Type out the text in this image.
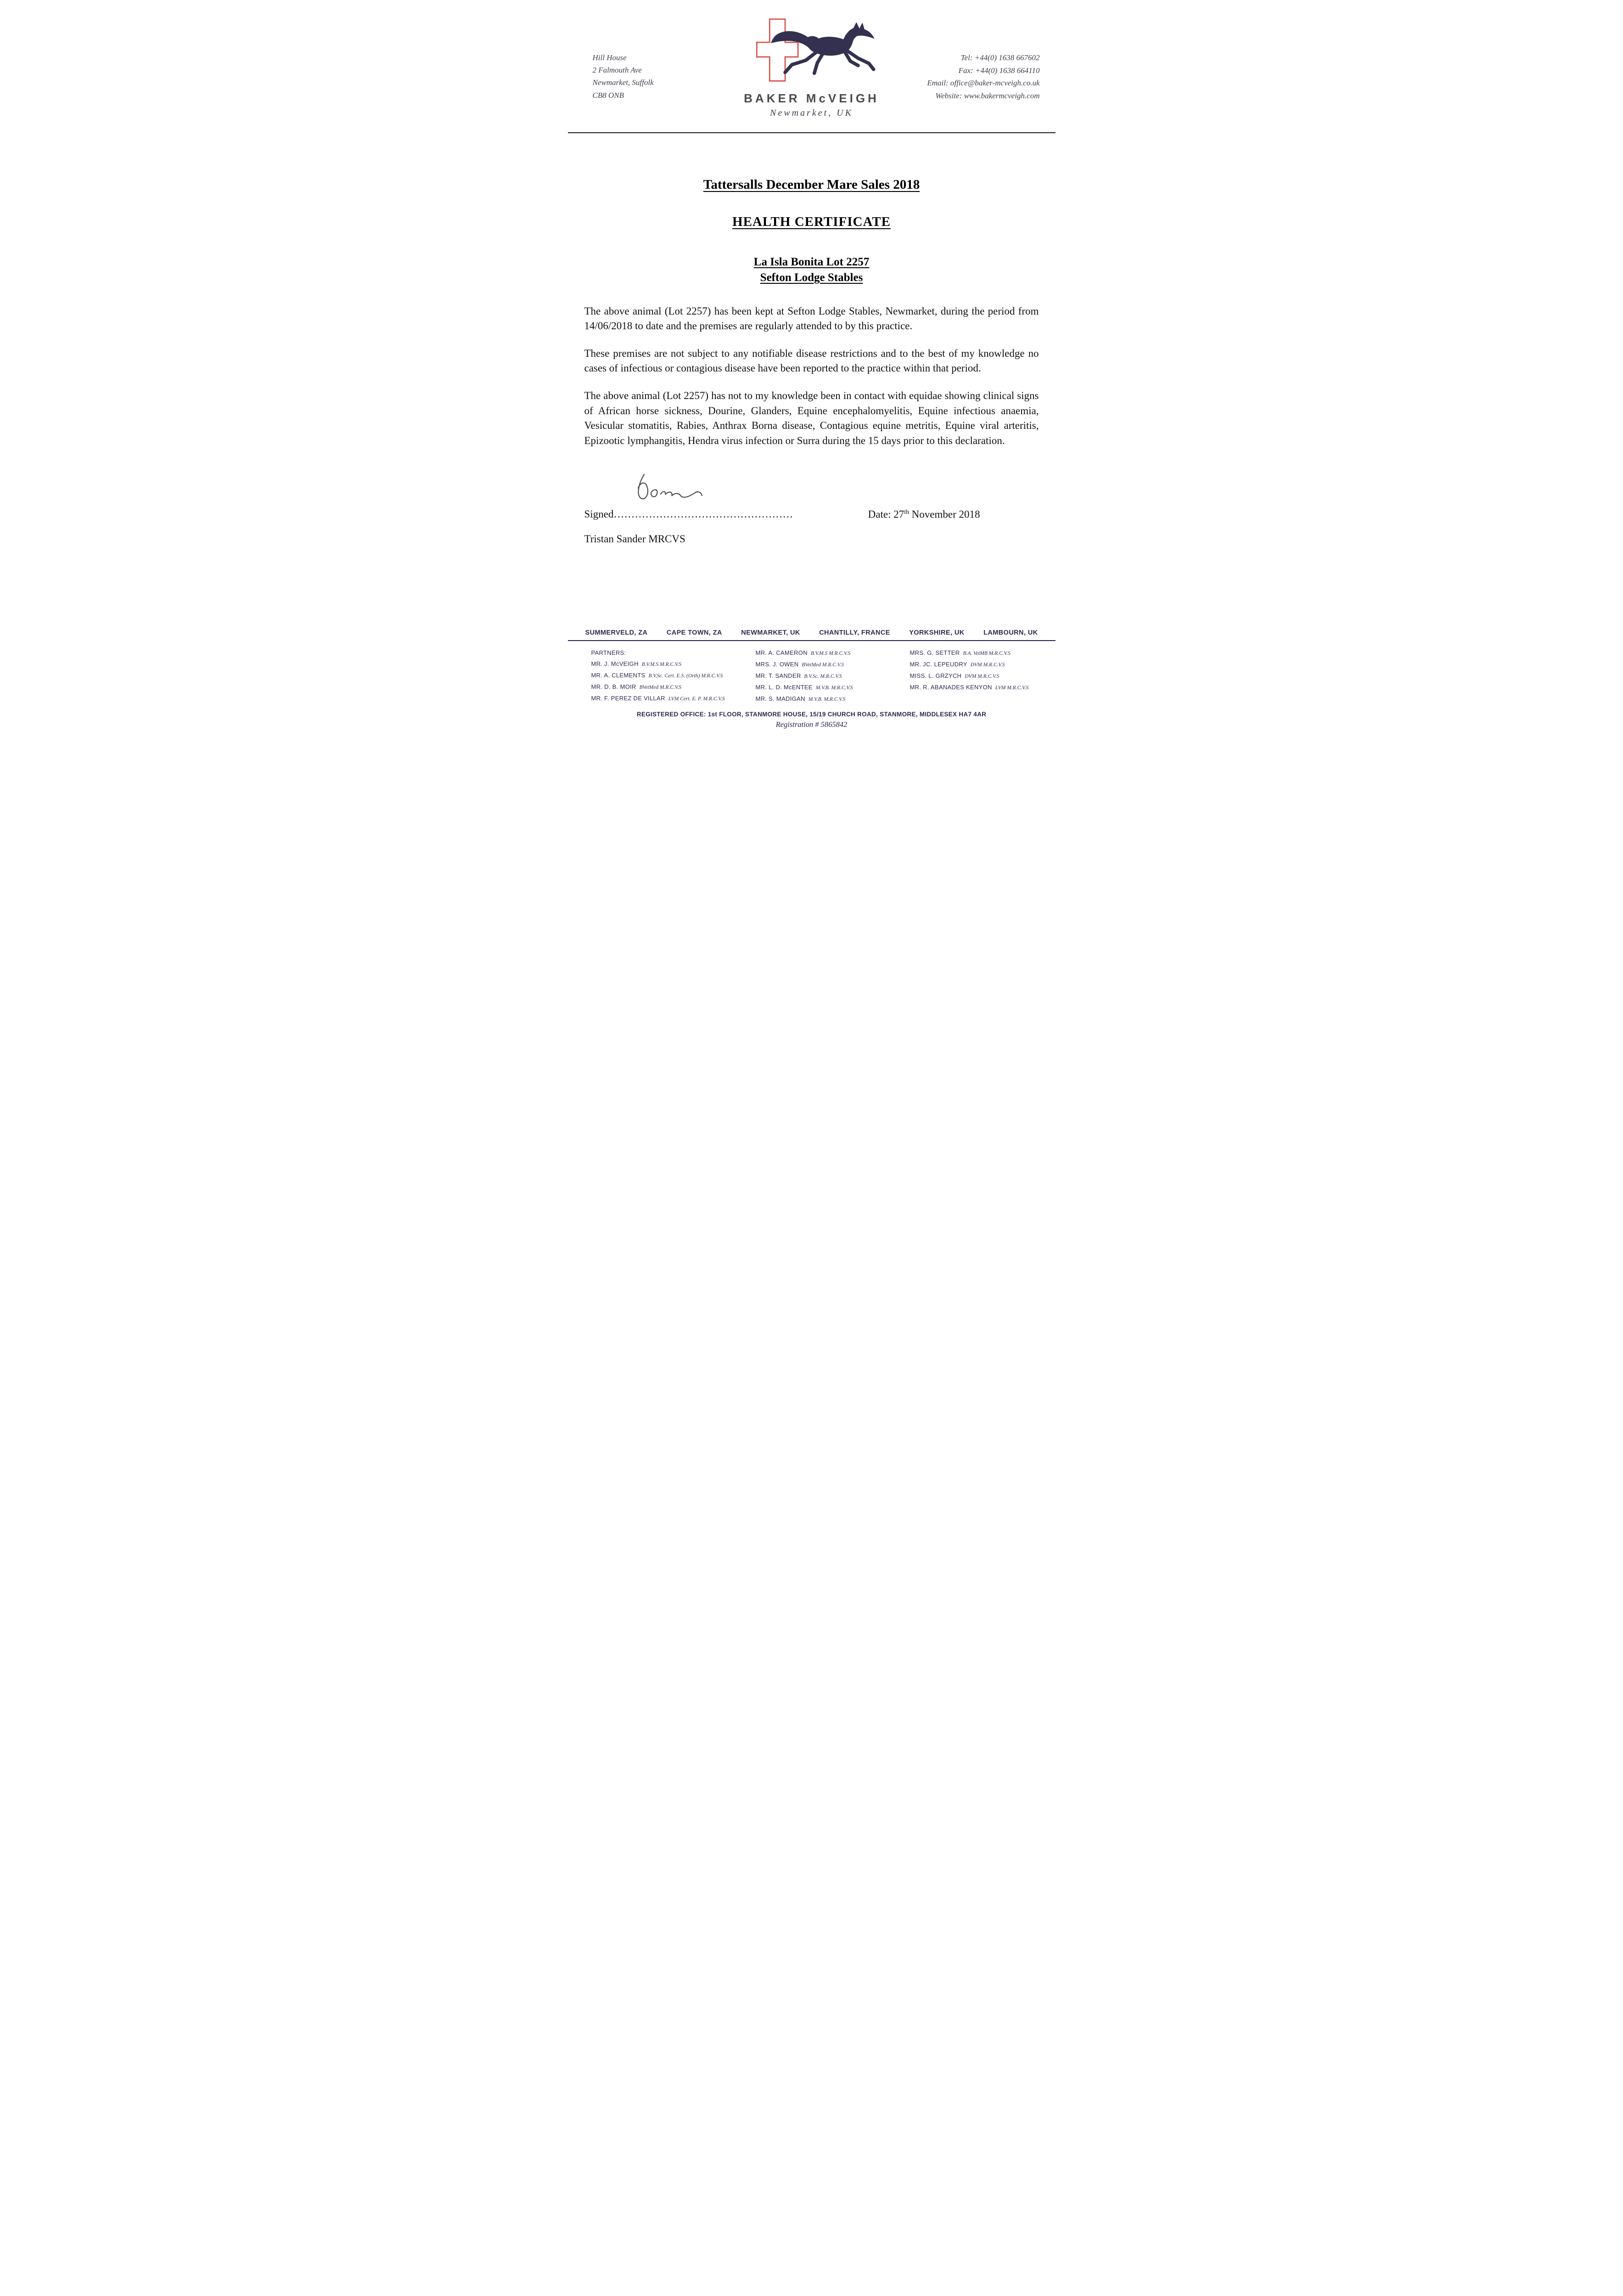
Hill House
2 Falmouth Ave
Newmarket, Suffolk
CB8 ONB	BAKER McVEIGH
Newmarket, UK
Tel: +44(0) 1638 667602
Fax: +44(0) 1638 664110
Email: office@baker-mcveigh.co.uk
Website: www.bakermcveigh.com
Tattersalls December Mare Sales 2018
HEALTH CERTIFICATE
La Isla Bonita Lot 2257
Sefton Lodge Stables

The above animal (Lot 2257) has been kept at Sefton Lodge Stables, Newmarket, during the period from 14/06/2018 to date and the premises are regularly attended to by this practice.

These premises are not subject to any notifiable disease restrictions and to the best of my knowledge no cases of infectious or contagious disease have been reported to the practice within that period.

The above animal (Lot 2257) has not to my knowledge been in contact with equidae showing clinical signs of African horse sickness, Dourine, Glanders, Equine encephalomyelitis, Equine infectious anaemia, Vesicular stomatitis, Rabies, Anthrax Borna disease, Contagious equine metritis, Equine viral arteritis, Epizootic lymphangitis, Hendra virus infection or Surra during the 15 days prior to this declaration.

Signed……………………………………………	Date: 27th November 2018
Tristan Sander MRCVS
SUMMERVELD, ZA	CAPE TOWN, ZA	NEWMARKET, UK	CHANTILLY, FRANCE	YORKSHIRE, UK	LAMBOURN, UK
PARTNERS:
MR. J. McVEIGH B.V.M.S M.R.C.V.S
MR. A. CLEMENTS B.V.Sc. Cert. E.S. (Orth) M.R.C.V.S
MR. D. B. MOIR BVetMed M.R.C.V.S
MR. F. PEREZ DE VILLAR LVM Cert. E. P. M.R.C.V.S
MR. A. CAMERON B.V.M.S M.R.C.V.S
MRS. J. OWEN BVetMed M.R.C.V.S
MR. T. SANDER B.V.Sc. M.R.C.V.S
MR. L. D. McENTEE M.V.B. M.R.C.V.S
MR. S. MADIGAN M.V.B. M.R.C.V.S
MRS. G. SETTER B.A. VetMB M.R.C.V.S
MR. JC. LEPEUDRY DVM M.R.C.V.S
MISS. L. GRZYCH DVM M.R.C.V.S
MR. R. ABANADES KENYON LVM M.R.C.V.S
REGISTERED OFFICE: 1st FLOOR, STANMORE HOUSE, 15/19 CHURCH ROAD, STANMORE, MIDDLESEX HA7 4AR
Registration # 5865842
